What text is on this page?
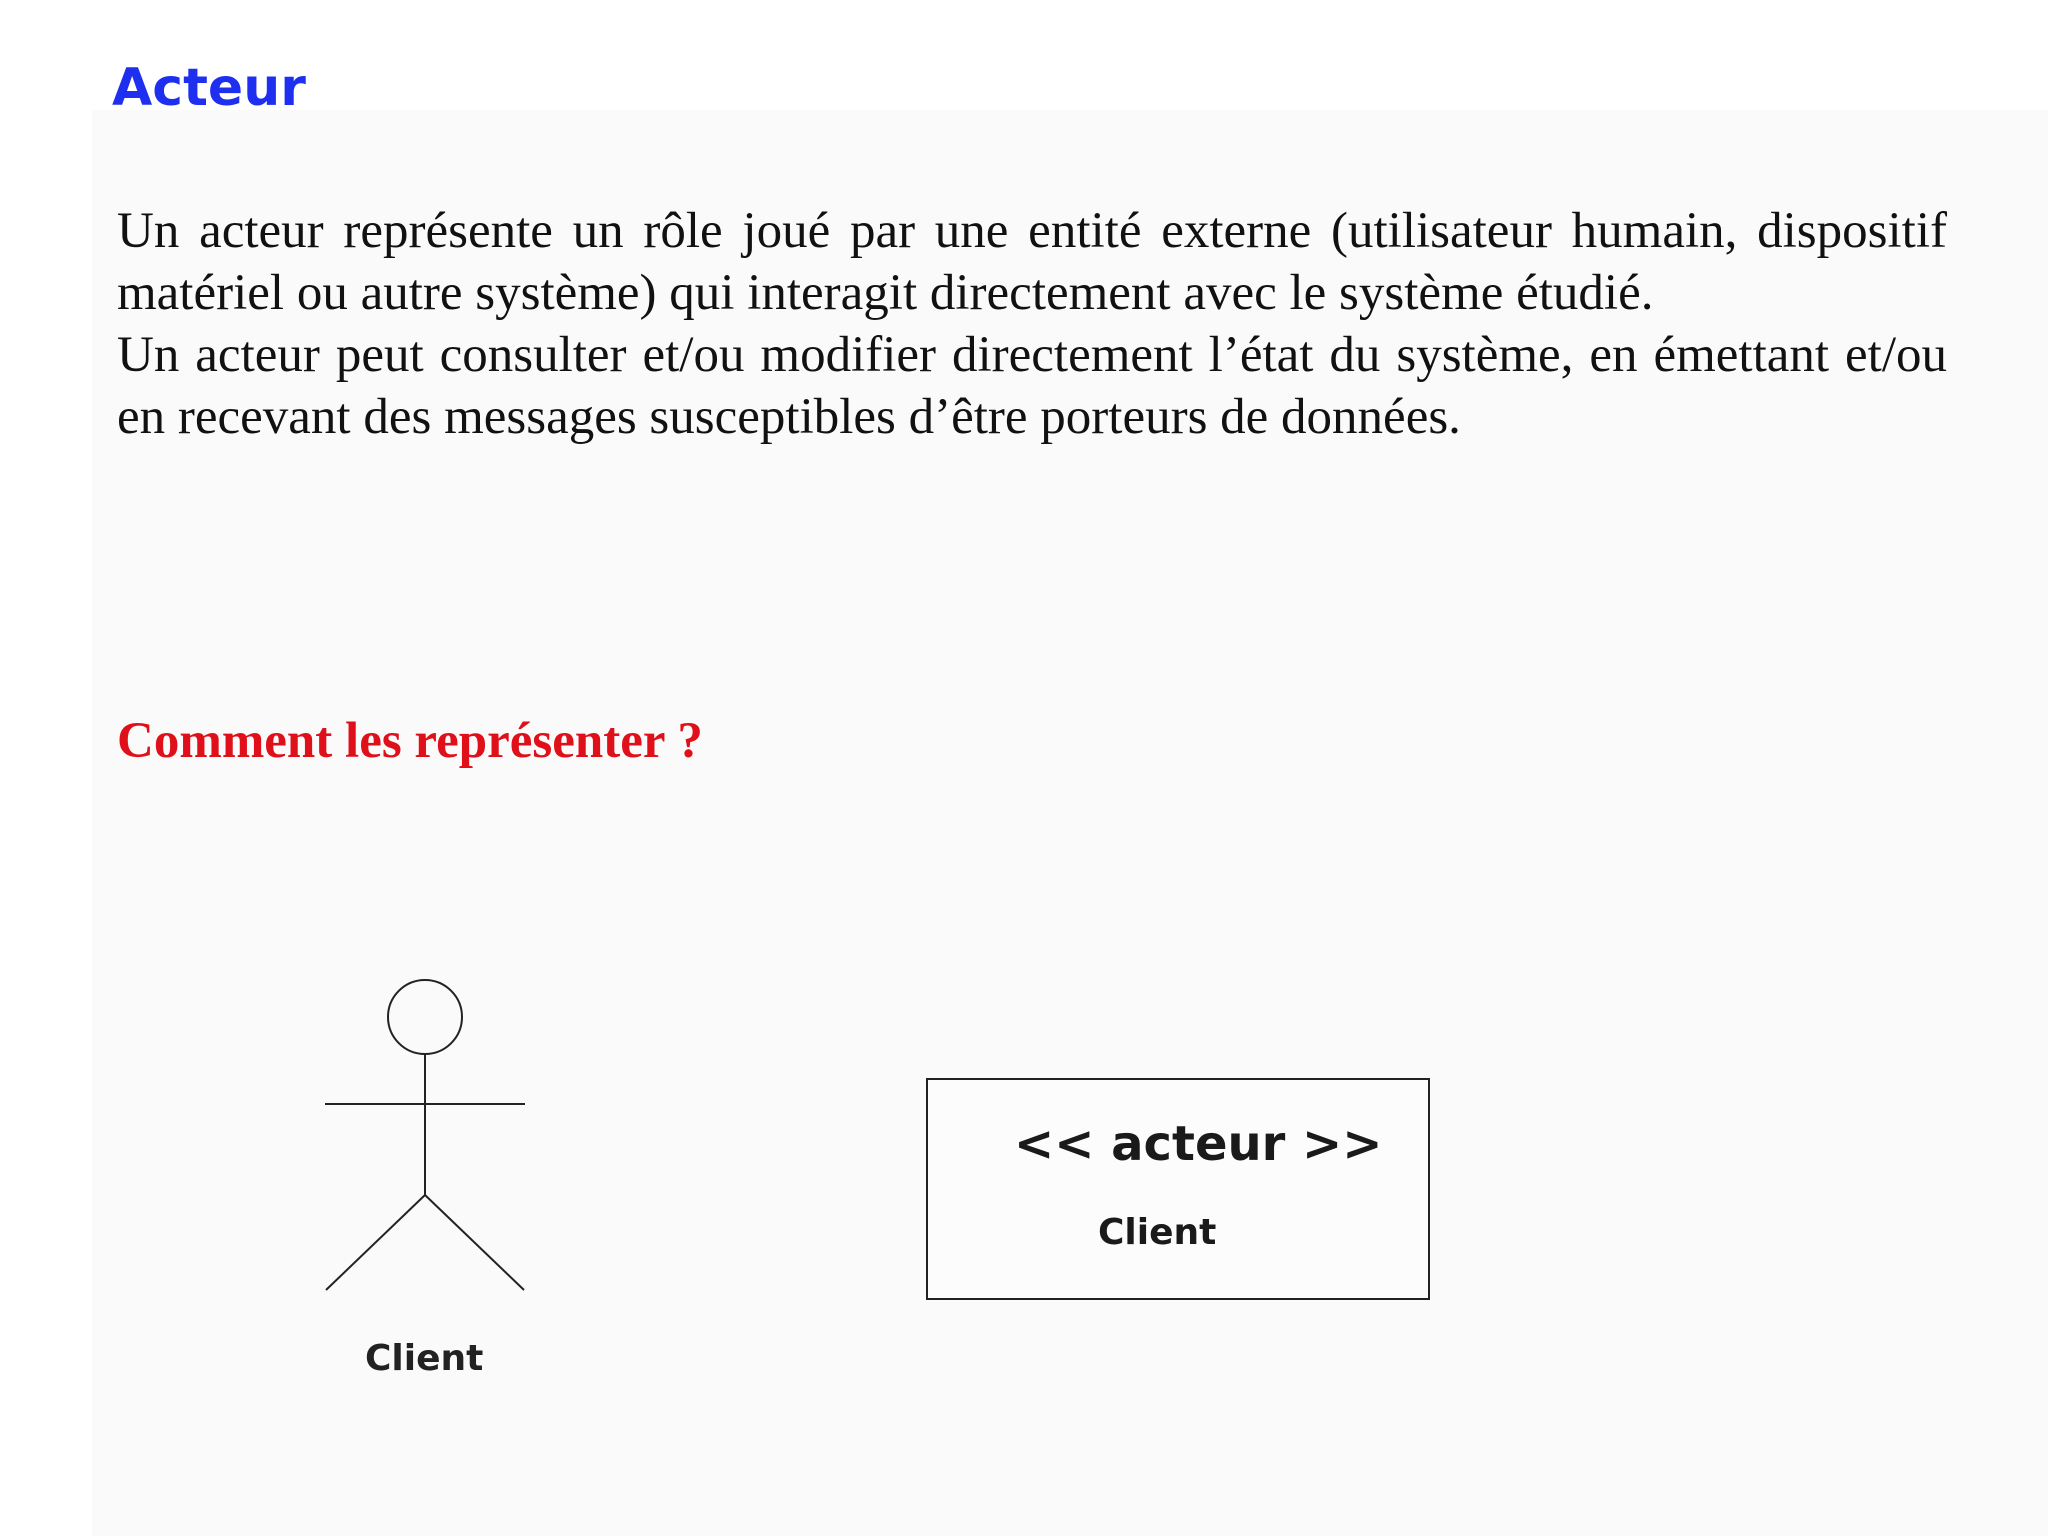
Acteur

Un acteur représente un rôle joué par une entité externe (utilisateur humain, dispositif matériel ou autre système) qui interagit directement avec le système étudié.

Un acteur peut consulter et/ou modifier directement l’état du système, en émettant et/ou en recevant des messages susceptibles d’être porteurs de données.

Comment les représenter ?
Client
<< acteur >>
Client
